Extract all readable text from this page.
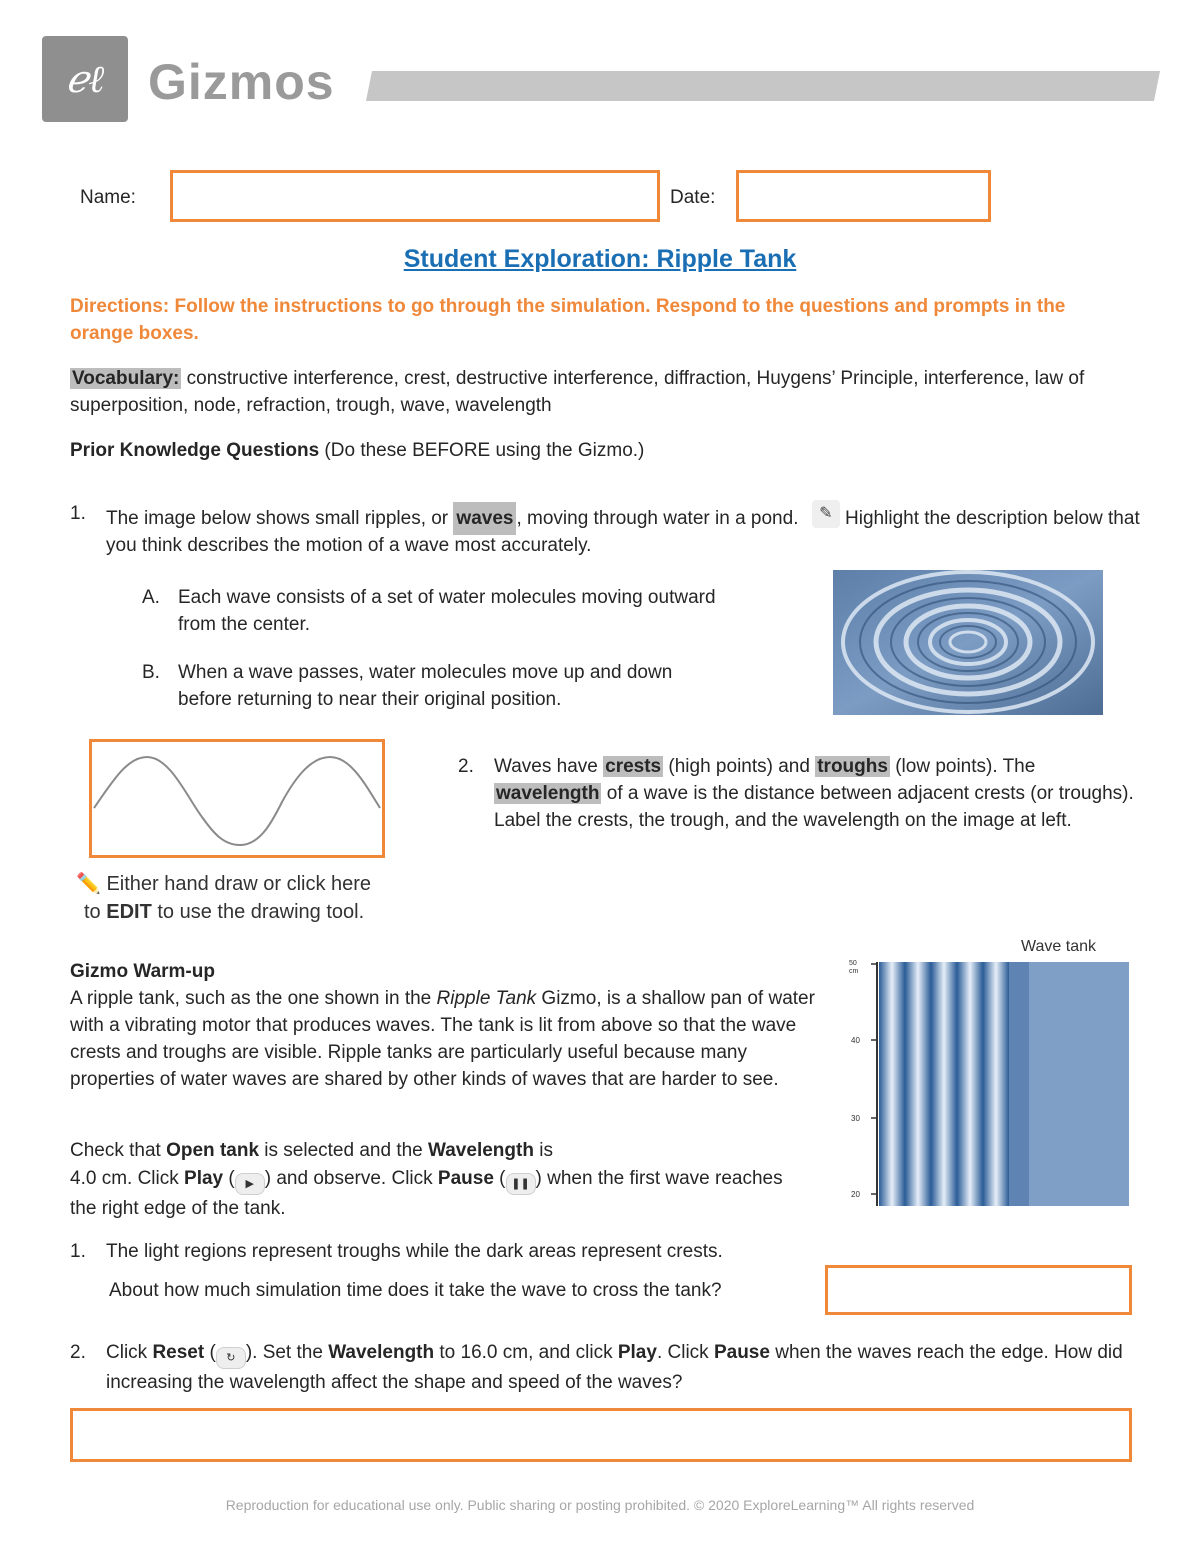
ℯℓ Gizmos
Name:	Date:
Student Exploration: Ripple Tank
Directions: Follow the instructions to go through the simulation. Respond to the questions and prompts in the orange boxes.
Vocabulary: constructive interference, crest, destructive interference, diffraction, Huygens’ Principle, interference, law of superposition, node, refraction, trough, wave, wavelength
Prior Knowledge Questions (Do these BEFORE using the Gizmo.)
1. The image below shows small ripples, or waves , moving through water in a pond. ✎ Highlight the description below that you think describes the motion of a wave most accurately.
A. Each wave consists of a set of water molecules moving outward from the center.
B. When a wave passes, water molecules move up and down before returning to near their original position.
✏️ Either hand draw or click here
to EDIT to use the drawing tool.
2. Waves have crests (high points) and troughs (low points). The wavelength of a wave is the distance between adjacent crests (or troughs). Label the crests, the trough, and the wavelength on the image at left.
Gizmo Warm-up
A ripple tank, such as the one shown in the Ripple Tank Gizmo, is a shallow pan of water with a vibrating motor that produces waves. The tank is lit from above so that the wave crests and troughs are visible. Ripple tanks are particularly useful because many properties of water waves are shared by other kinds of waves that are harder to see.
Check that Open tank is selected and the Wavelength is
4.0 cm. Click Play ( ▶ ) and observe. Click Pause ( ❚❚ ) when the first wave reaches the right edge of the tank.
Wave tank
50 cm
40
30
20
1. The light regions represent troughs while the dark areas represent crests.
About how much simulation time does it take the wave to cross the tank?
2. Click Reset ( ↻ ). Set the Wavelength to 16.0 cm, and click Play. Click Pause when the waves reach the edge. How did increasing the wavelength affect the shape and speed of the waves?
Reproduction for educational use only. Public sharing or posting prohibited. © 2020 ExploreLearning™ All rights reserved
